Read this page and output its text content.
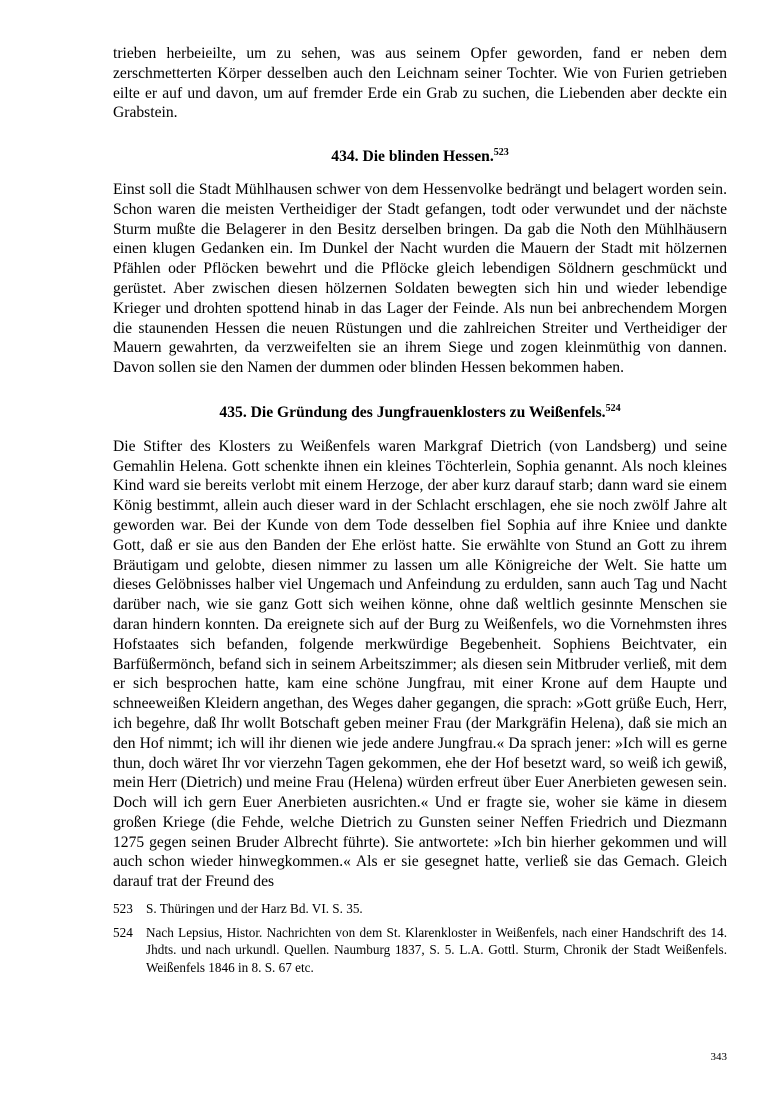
trieben herbeieilte, um zu sehen, was aus seinem Opfer geworden, fand er neben dem zerschmetterten Körper desselben auch den Leichnam seiner Tochter. Wie von Furien getrieben eilte er auf und davon, um auf fremder Erde ein Grab zu suchen, die Liebenden aber deckte ein Grabstein.

434. Die blinden Hessen.$^{523}$

Einst soll die Stadt Mühlhausen schwer von dem Hessenvolke bedrängt und belagert worden sein. Schon waren die meisten Vertheidiger der Stadt gefangen, todt oder verwundet und der nächste Sturm mußte die Belagerer in den Besitz derselben bringen. Da gab die Noth den Mühlhäusern einen klugen Gedanken ein. Im Dunkel der Nacht wurden die Mauern der Stadt mit hölzernen Pfählen oder Pflöcken bewehrt und die Pflöcke gleich lebendigen Söldnern geschmückt und gerüstet. Aber zwischen diesen hölzernen Soldaten bewegten sich hin und wieder lebendige Krieger und drohten spottend hinab in das Lager der Feinde. Als nun bei anbrechendem Morgen die staunenden Hessen die neuen Rüstungen und die zahlreichen Streiter und Vertheidiger der Mauern gewahrten, da verzweifelten sie an ihrem Siege und zogen kleinmüthig von dannen. Davon sollen sie den Namen der dummen oder blinden Hessen bekommen haben.

435. Die Gründung des Jungfrauenklosters zu Weißenfels.$^{524}$

Die Stifter des Klosters zu Weißenfels waren Markgraf Dietrich (von Landsberg) und seine Gemahlin Helena. Gott schenkte ihnen ein kleines Töchterlein, Sophia genannt. Als noch kleines Kind ward sie bereits verlobt mit einem Herzoge, der aber kurz darauf starb; dann ward sie einem König bestimmt, allein auch dieser ward in der Schlacht erschlagen, ehe sie noch zwölf Jahre alt geworden war. Bei der Kunde von dem Tode desselben fiel Sophia auf ihre Kniee und dankte Gott, daß er sie aus den Banden der Ehe erlöst hatte. Sie erwählte von Stund an Gott zu ihrem Bräutigam und gelobte, diesen nimmer zu lassen um alle Königreiche der Welt. Sie hatte um dieses Gelöbnisses halber viel Ungemach und Anfeindung zu erdulden, sann auch Tag und Nacht darüber nach, wie sie ganz Gott sich weihen könne, ohne daß weltlich gesinnte Menschen sie daran hindern konnten. Da ereignete sich auf der Burg zu Weißenfels, wo die Vornehmsten ihres Hofstaates sich befanden, folgende merkwürdige Begebenheit. Sophiens Beichtvater, ein Barfüßermönch, befand sich in seinem Arbeitszimmer; als diesen sein Mitbruder verließ, mit dem er sich besprochen hatte, kam eine schöne Jungfrau, mit einer Krone auf dem Haupte und schneeweißen Kleidern angethan, des Weges daher gegangen, die sprach: »Gott grüße Euch, Herr, ich begehre, daß Ihr wollt Botschaft geben meiner Frau (der Markgräfin Helena), daß sie mich an den Hof nimmt; ich will ihr dienen wie jede andere Jungfrau.« Da sprach jener: »Ich will es gerne thun, doch wäret Ihr vor vierzehn Tagen gekommen, ehe der Hof besetzt ward, so weiß ich gewiß, mein Herr (Dietrich) und meine Frau (Helena) würden erfreut über Euer Anerbieten gewesen sein. Doch will ich gern Euer Anerbieten ausrichten.« Und er fragte sie, woher sie käme in diesem großen Kriege (die Fehde, welche Dietrich zu Gunsten seiner Neffen Friedrich und Diezmann 1275 gegen seinen Bruder Albrecht führte). Sie antwortete: »Ich bin hierher gekommen und will auch schon wieder hinwegkommen.« Als er sie gesegnet hatte, verließ sie das Gemach. Gleich darauf trat der Freund des

523	S. Thüringen und der Harz Bd. VI. S. 35.
524	Nach Lepsius, Histor. Nachrichten von dem St. Klarenkloster in Weißenfels, nach einer Handschrift des 14. Jhdts. und nach urkundl. Quellen. Naumburg 1837, S. 5. L.A. Gottl. Sturm, Chronik der Stadt Weißenfels. Weißenfels 1846 in 8. S. 67 etc.
343
